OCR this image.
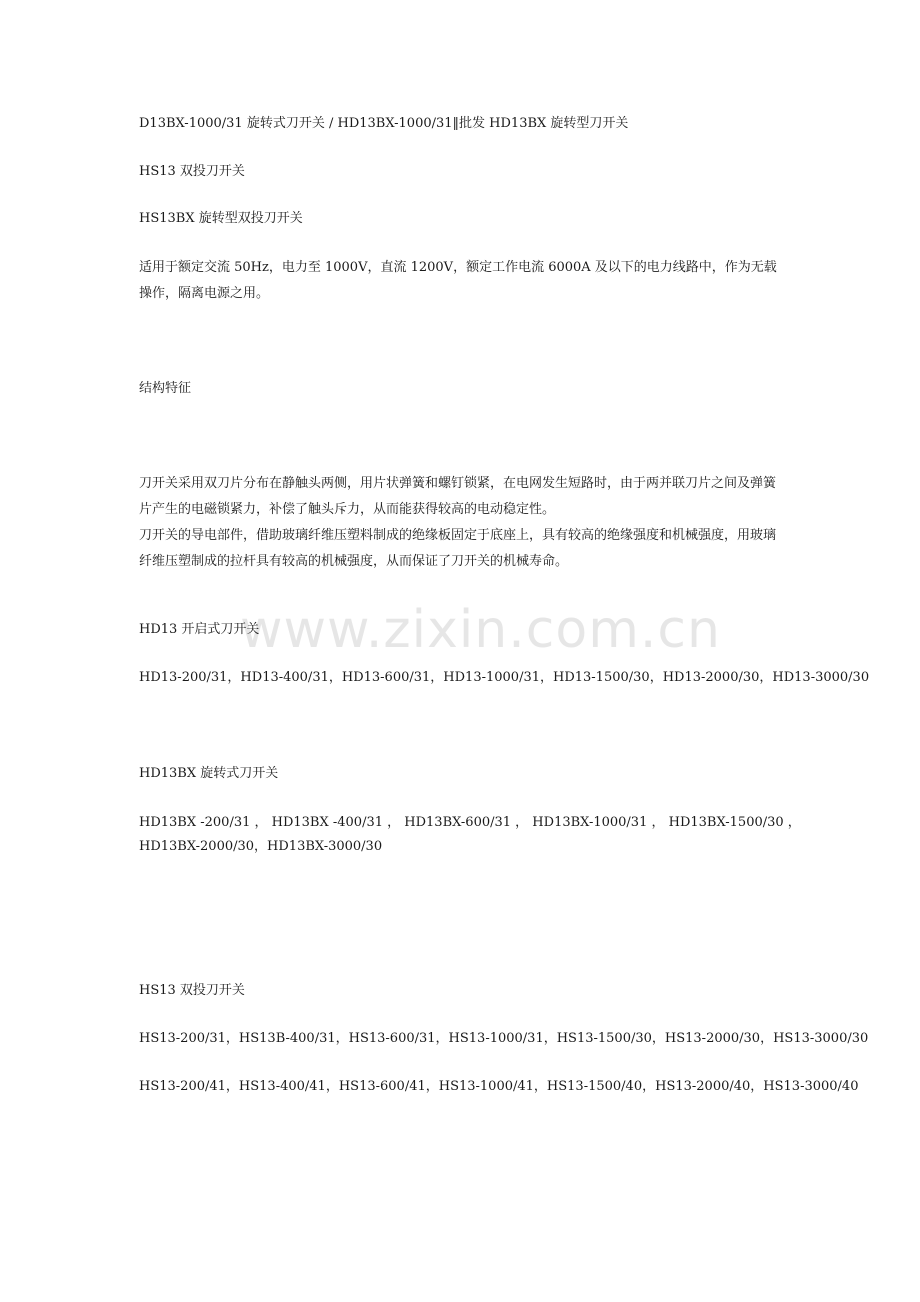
www.zixin.com.cn
D13BX-1000/31 旋转式刀开关 / HD13BX-1000/31‖批发 HD13BX 旋转型刀开关
HS13 双投刀开关
HS13BX 旋转型双投刀开关
适用于额定交流 50Hz，电力至 1000V，直流 1200V，额定工作电流 6000A 及以下的电力线路中，作为无载操作，隔离电源之用。
结构特征
刀开关采用双刀片分布在静触头两侧，用片状弹簧和螺钉锁紧，在电网发生短路时，由于两并联刀片之间及弹簧片产生的电磁锁紧力，补偿了触头斥力，从而能获得较高的电动稳定性。
刀开关的导电部件，借助玻璃纤维压塑料制成的绝缘板固定于底座上，具有较高的绝缘强度和机械强度，用玻璃纤维压塑制成的拉杆具有较高的机械强度，从而保证了刀开关的机械寿命。
HD13 开启式刀开关
HD13-200/31，HD13-400/31，HD13-600/31，HD13-1000/31，HD13-1500/30，HD13-2000/30，HD13-3000/30
HD13BX 旋转式刀开关
HD13BX -200/31 ， HD13BX -400/31 ， HD13BX-600/31 ， HD13BX-1000/31 ， HD13BX-1500/30 ，
HD13BX-2000/30，HD13BX-3000/30
HS13 双投刀开关
HS13-200/31，HS13B-400/31，HS13-600/31，HS13-1000/31，HS13-1500/30，HS13-2000/30，HS13-3000/30
HS13-200/41，HS13-400/41，HS13-600/41，HS13-1000/41，HS13-1500/40，HS13-2000/40，HS13-3000/40
